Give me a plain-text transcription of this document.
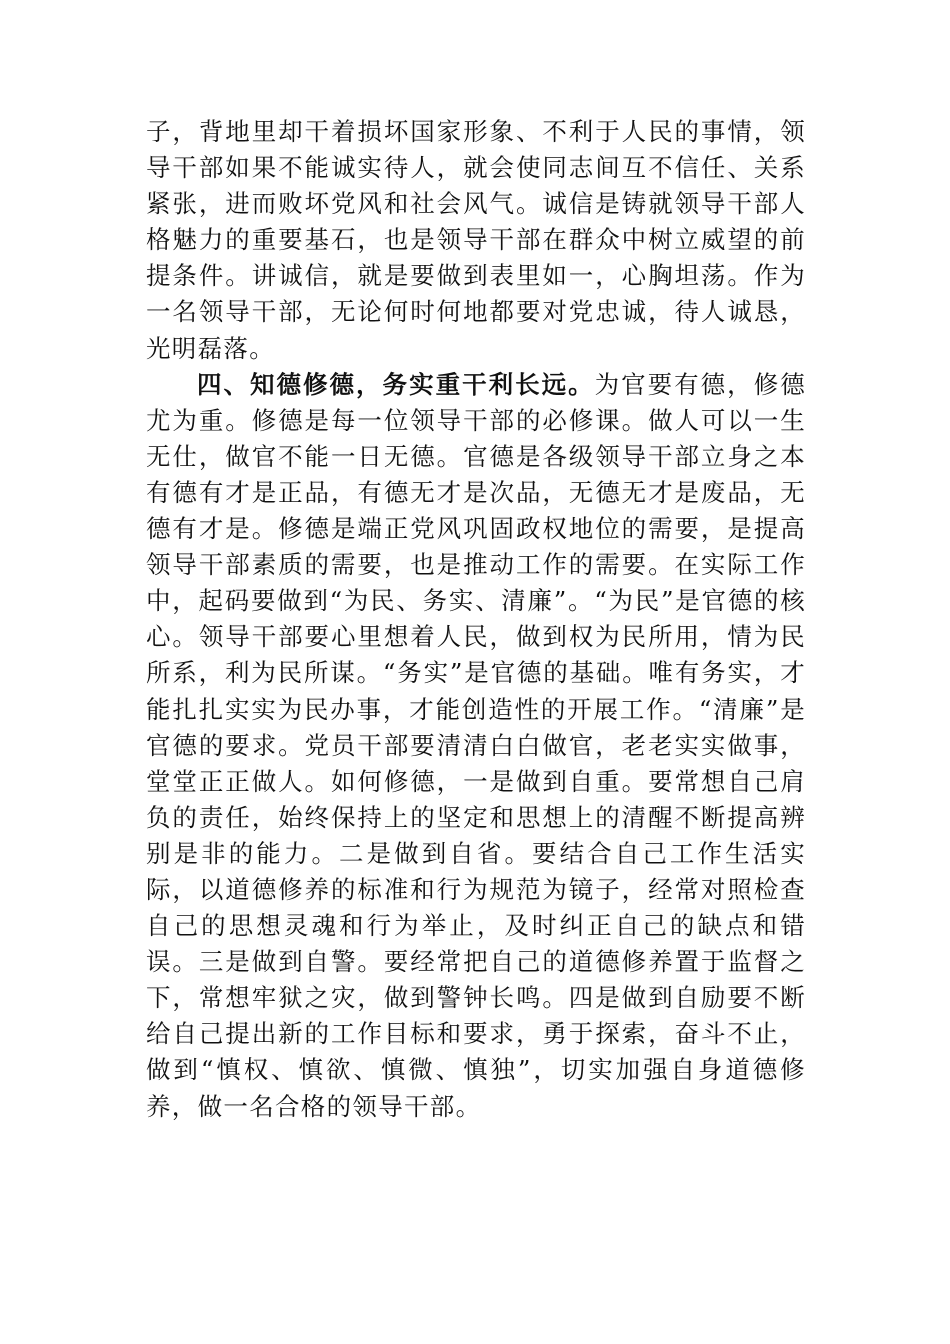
子，背地里却干着损坏国家形象、不利于人民的事情，领导干部如果不能诚实待人，就会使同志间互不信任、关系紧张，进而败坏党风和社会风气。诚信是铸就领导干部人格魅力的重要基石，也是领导干部在群众中树立威望的前提条件。讲诚信，就是要做到表里如一，心胸坦荡。作为一名领导干部，无论何时何地都要对党忠诚，待人诚恳，光明磊落。

四、知德修德，务实重干利长远。为官要有德，修德尤为重。修德是每一位领导干部的必修课。做人可以一生无仕，做官不能一日无德。官德是各级领导干部立身之本有德有才是正品，有德无才是次品，无德无才是废品，无德有才是。修德是端正党风巩固政权地位的需要，是提高领导干部素质的需要，也是推动工作的需要。在实际工作中，起码要做到“为民、务实、清廉”。“为民”是官德的核心。领导干部要心里想着人民，做到权为民所用，情为民所系，利为民所谋。“务实”是官德的基础。唯有务实，才能扎扎实实为民办事，才能创造性的开展工作。“清廉”是官德的要求。党员干部要清清白白做官，老老实实做事，堂堂正正做人。如何修德，一是做到自重。要常想自己肩负的责任，始终保持上的坚定和思想上的清醒不断提高辨别是非的能力。二是做到自省。要结合自己工作生活实际，以道德修养的标准和行为规范为镜子，经常对照检查自己的思想灵魂和行为举止，及时纠正自己的缺点和错误。三是做到自警。要经常把自己的道德修养置于监督之下，常想牢狱之灾，做到警钟长鸣。四是做到自励要不断给自己提出新的工作目标和要求，勇于探索，奋斗不止，做到“慎权、慎欲、慎微、慎独”，切实加强自身道德修养，做一名合格的领导干部。
